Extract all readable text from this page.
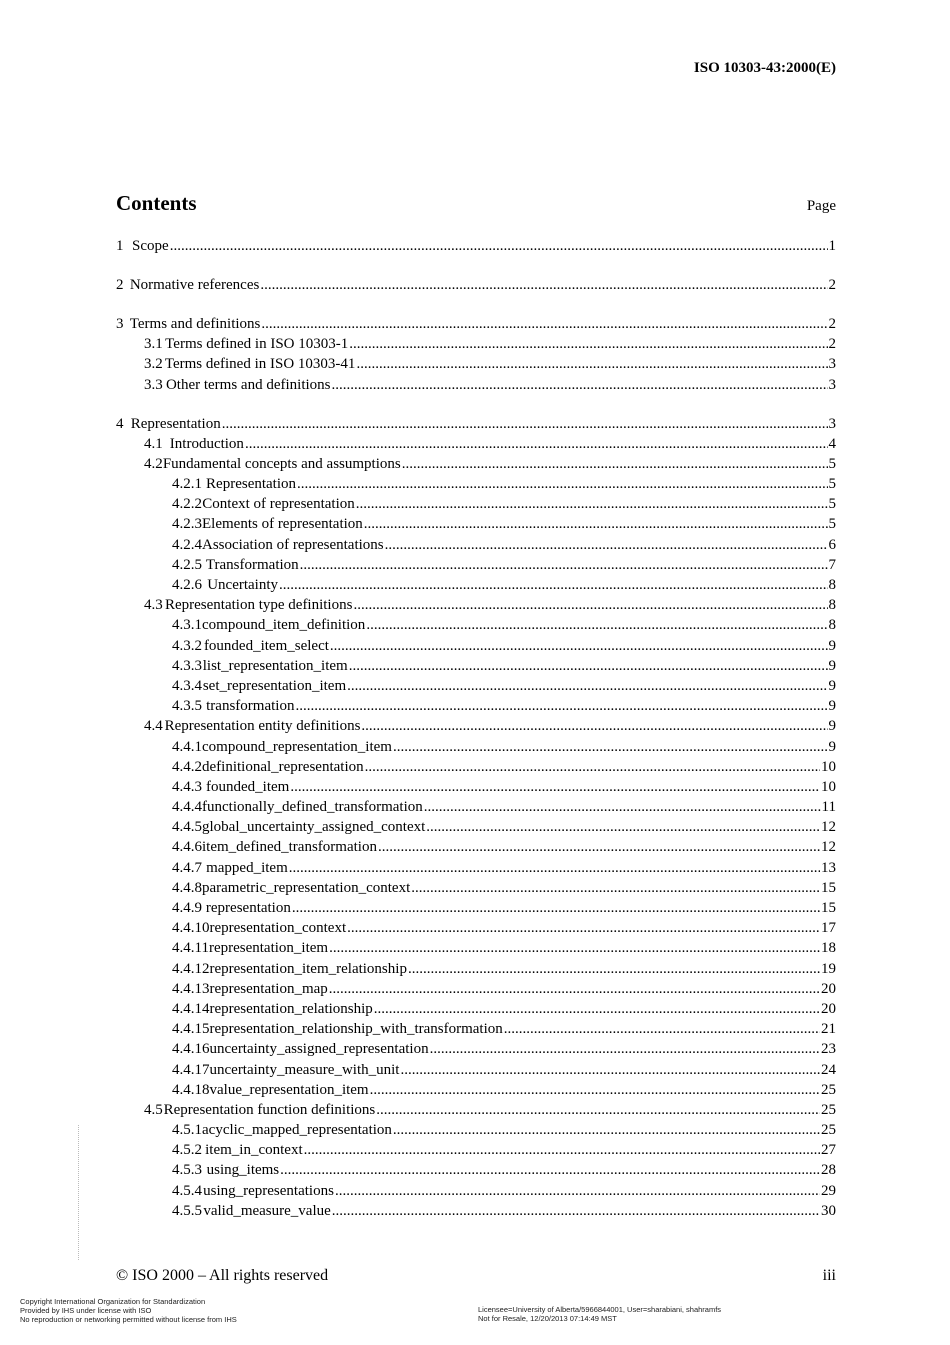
ISO 10303-43:2000(E)
Contents	Page
1 Scope .....	1
2 Normative references .....	2
3 Terms and definitions .....	2
3.1 Terms defined in ISO 10303-1 .....	2
3.2 Terms defined in ISO 10303-41 .....	3
3.3 Other terms and definitions .....	3
4 Representation .....	3
4.1 Introduction .....	4
4.2 Fundamental concepts and assumptions .....	5
4.2.1 Representation .....	5
4.2.2 Context of representation .....	5
4.2.3 Elements of representation .....	5
4.2.4 Association of representations .....	6
4.2.5 Transformation .....	7
4.2.6 Uncertainty .....	8
4.3 Representation type definitions .....	8
4.3.1 compound_item_definition .....	8
4.3.2 founded_item_select .....	9
4.3.3 list_representation_item .....	9
4.3.4 set_representation_item .....	9
4.3.5 transformation .....	9
4.4 Representation entity definitions .....	9
4.4.1 compound_representation_item .....	9
4.4.2 definitional_representation .....	10
4.4.3 founded_item .....	10
4.4.4 functionally_defined_transformation .....	11
4.4.5 global_uncertainty_assigned_context .....	12
4.4.6 item_defined_transformation .....	12
4.4.7 mapped_item .....	13
4.4.8 parametric_representation_context .....	15
4.4.9 representation .....	15
4.4.10 representation_context .....	17
4.4.11 representation_item .....	18
4.4.12 representation_item_relationship .....	19
4.4.13 representation_map .....	20
4.4.14 representation_relationship .....	20
4.4.15 representation_relationship_with_transformation .....	21
4.4.16 uncertainty_assigned_representation .....	23
4.4.17 uncertainty_measure_with_unit .....	24
4.4.18 value_representation_item .....	25
4.5 Representation function definitions .....	25
4.5.1 acyclic_mapped_representation .....	25
4.5.2 item_in_context .....	27
4.5.3 using_items .....	28
4.5.4 using_representations .....	29
4.5.5 valid_measure_value .....	30
© ISO 2000 – All rights reserved	iii
Copyright International Organization for Standardization
Provided by IHS under license with ISO
No reproduction or networking permitted without license from IHS
Licensee=University of Alberta/5966844001, User=sharabiani, shahramfs
Not for Resale, 12/20/2013 07:14:49 MST
